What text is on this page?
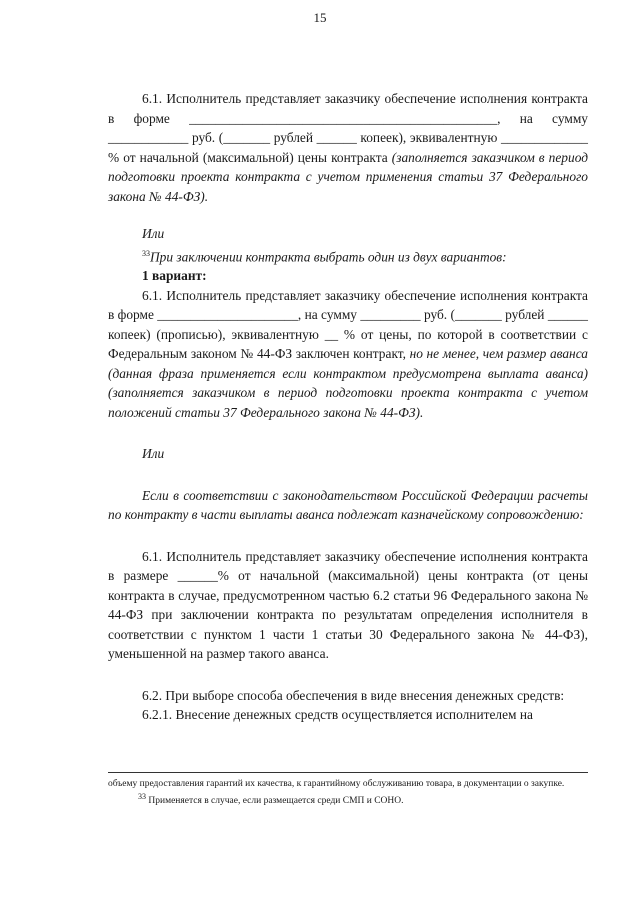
15

6.1. Исполнитель представляет заказчику обеспечение исполнения контракта в форме ______________________________________________, на сумму ____________ руб. (_______ рублей ______ копеек), эквивалентную _____________ % от начальной (максимальной) цены контракта (заполняется заказчиком в период подготовки проекта контракта с учетом применения статьи 37 Федерального закона № 44-ФЗ).

Или

$^{33}$При заключении контракта выбрать один из двух вариантов:

1 вариант:

6.1. Исполнитель представляет заказчику обеспечение исполнения контракта в форме _____________________, на сумму _________ руб. (_______ рублей ______ копеек) (прописью), эквивалентную __ % от цены, по которой в соответствии с Федеральным законом № 44-ФЗ заключен контракт, но не менее, чем размер аванса (данная фраза применяется если контрактом предусмотрена выплата аванса) (заполняется заказчиком в период подготовки проекта контракта с учетом положений статьи 37 Федерального закона № 44-ФЗ).

Или

Если в соответствии с законодательством Российской Федерации расчеты по контракту в части выплаты аванса подлежат казначейскому сопровождению:

6.1. Исполнитель представляет заказчику обеспечение исполнения контракта в размере ______% от начальной (максимальной) цены контракта (от цены контракта в случае, предусмотренном частью 6.2 статьи 96 Федерального закона № 44-ФЗ при заключении контракта по результатам определения исполнителя в соответствии с пунктом 1 части 1 статьи 30 Федерального закона № 44-ФЗ), уменьшенной на размер такого аванса.

6.2. При выборе способа обеспечения в виде внесения денежных средств:

6.2.1. Внесение денежных средств осуществляется исполнителем на

объему предоставления гарантий их качества, к гарантийному обслуживанию товара, в документации о закупке.

$^{33}$ Применяется в случае, если размещается среди СМП и СОНО.
